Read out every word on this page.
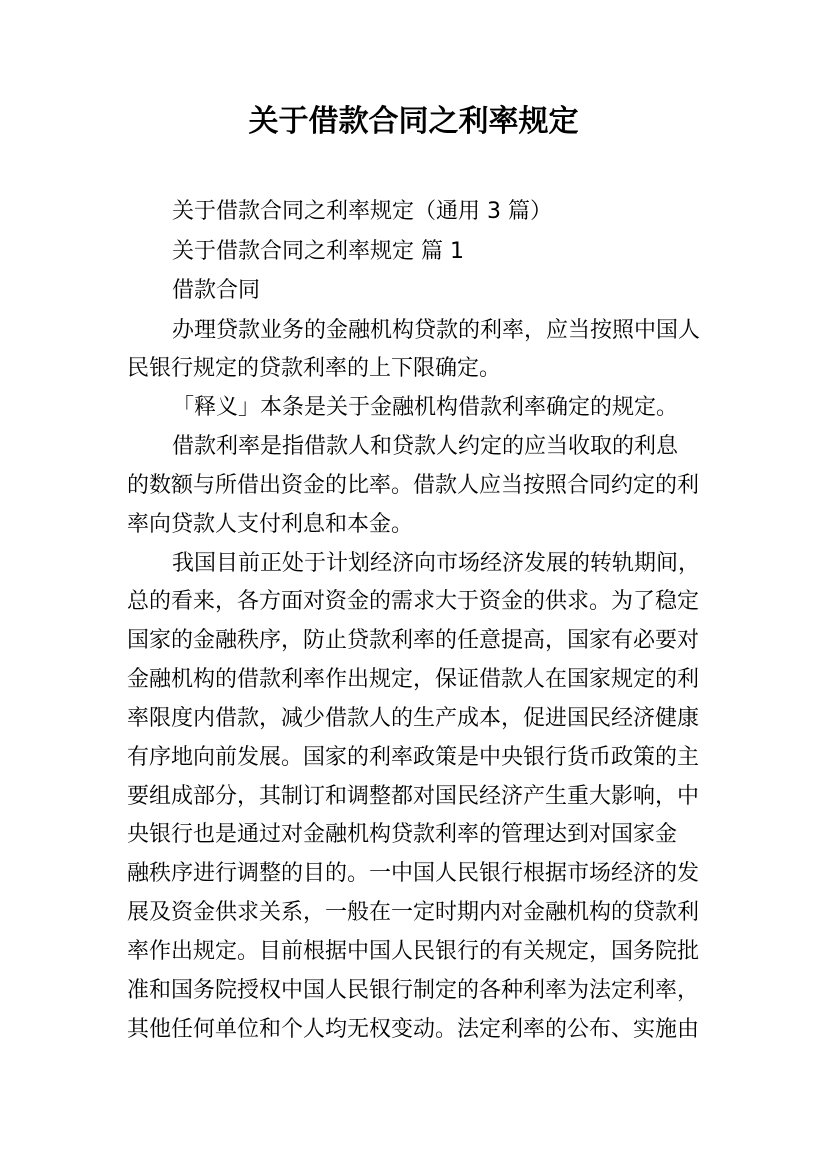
关于借款合同之利率规定

关于借款合同之利率规定（通用 3 篇）

关于借款合同之利率规定 篇 1

借款合同

办理贷款业务的金融机构贷款的利率，应当按照中国人

民银行规定的贷款利率的上下限确定。

「释义」本条是关于金融机构借款利率确定的规定。

借款利率是指借款人和贷款人约定的应当收取的利息

的数额与所借出资金的比率。借款人应当按照合同约定的利

率向贷款人支付利息和本金。

我国目前正处于计划经济向市场经济发展的转轨期间，

总的看来，各方面对资金的需求大于资金的供求。为了稳定

国家的金融秩序，防止贷款利率的任意提高，国家有必要对

金融机构的借款利率作出规定，保证借款人在国家规定的利

率限度内借款，减少借款人的生产成本，促进国民经济健康

有序地向前发展。国家的利率政策是中央银行货币政策的主

要组成部分，其制订和调整都对国民经济产生重大影响，中

央银行也是通过对金融机构贷款利率的管理达到对国家金

融秩序进行调整的目的。一中国人民银行根据市场经济的发

展及资金供求关系，一般在一定时期内对金融机构的贷款利

率作出规定。目前根据中国人民银行的有关规定，国务院批

准和国务院授权中国人民银行制定的各种利率为法定利率，

其他任何单位和个人均无权变动。法定利率的公布、实施由
